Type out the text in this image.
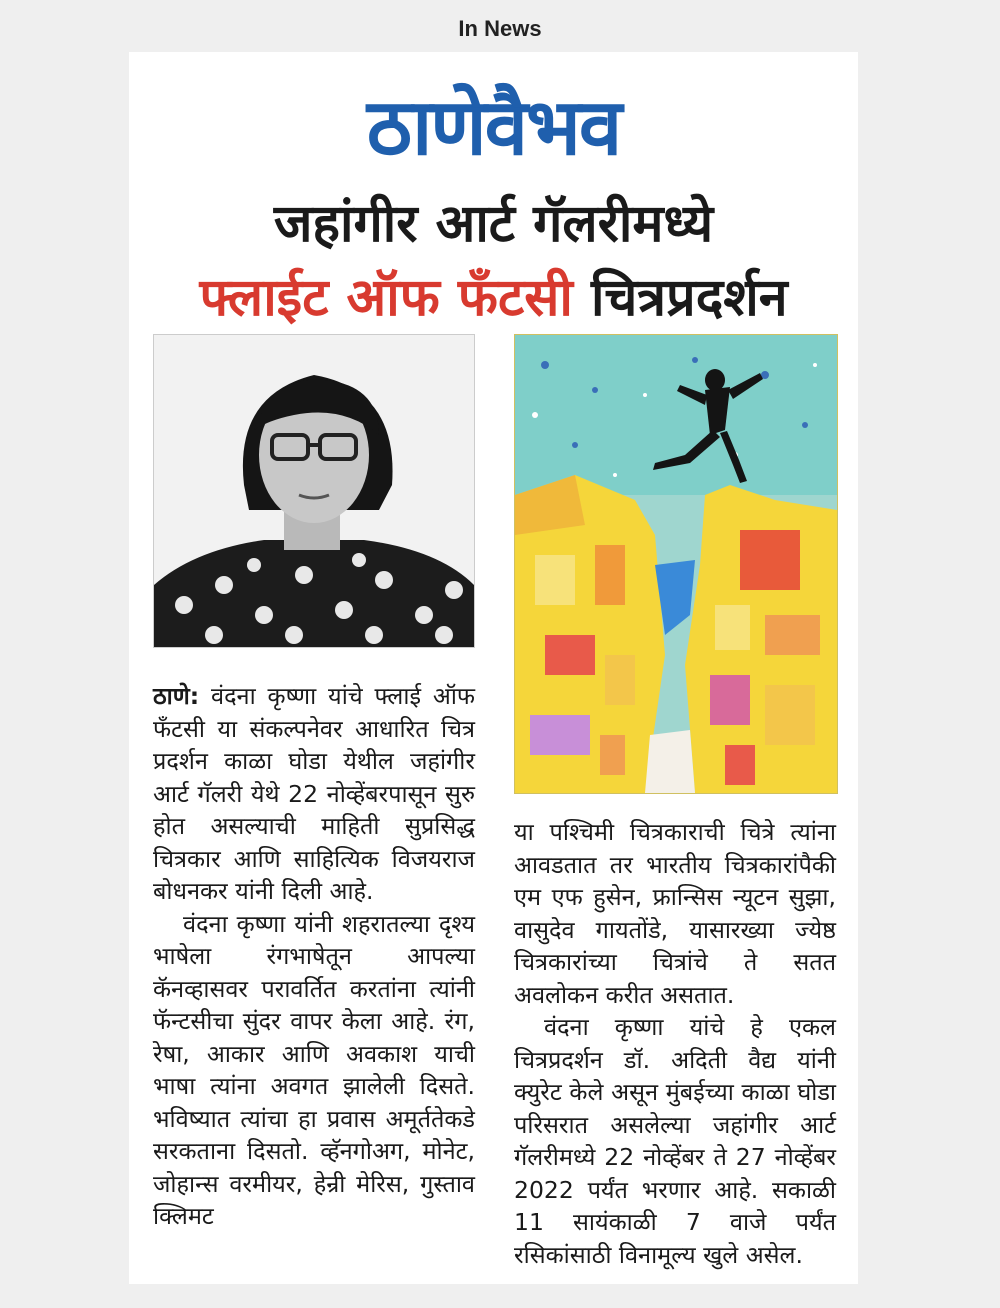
In News
ठाणेवैभव
जहांगीर आर्ट गॅलरीमध्ये
फ्लाईट ऑफ फँटसी चित्रप्रदर्शन

ठाणे: वंदना कृष्णा यांचे फ्लाई ऑफ फँटसी या संकल्पनेवर आधारित चित्र प्रदर्शन काळा घोडा येथील जहांगीर आर्ट गॅलरी येथे 22 नोव्हेंबरपासून सुरु होत असल्याची माहिती सुप्रसिद्ध चित्रकार आणि साहित्यिक विजयराज बोधनकर यांनी दिली आहे.

वंदना कृष्णा यांनी शहरातल्या दृश्य भाषेला रंगभाषेतून आपल्या कॅनव्हासवर परावर्तित करतांना त्यांनी फॅन्टसीचा सुंदर वापर केला आहे. रंग, रेषा, आकार आणि अवकाश याची भाषा त्यांना अवगत झालेली दिसते. भविष्यात त्यांचा हा प्रवास अमूर्ततेकडे सरकताना दिसतो. व्हॅनगोअग, मोनेट, जोहान्स वरमीयर, हेन्री मेरिस, गुस्ताव क्लिमट

या पश्चिमी चित्रकाराची चित्रे त्यांना आवडतात तर भारतीय चित्रकारांपैकी एम एफ हुसेन, फ्रान्सिस न्यूटन सुझा, वासुदेव गायतोंडे, यासारख्या ज्येष्ठ चित्रकारांच्या चित्रांचे ते सतत अवलोकन करीत असतात.

वंदना कृष्णा यांचे हे एकल चित्रप्रदर्शन डॉ. अदिती वैद्य यांनी क्युरेट केले असून मुंबईच्या काळा घोडा परिसरात असलेल्या जहांगीर आर्ट गॅलरीमध्ये 22 नोव्हेंबर ते 27 नोव्हेंबर 2022 पर्यंत भरणार आहे. सकाळी 11 सायंकाळी 7 वाजे पर्यंत रसिकांसाठी विनामूल्य खुले असेल.
